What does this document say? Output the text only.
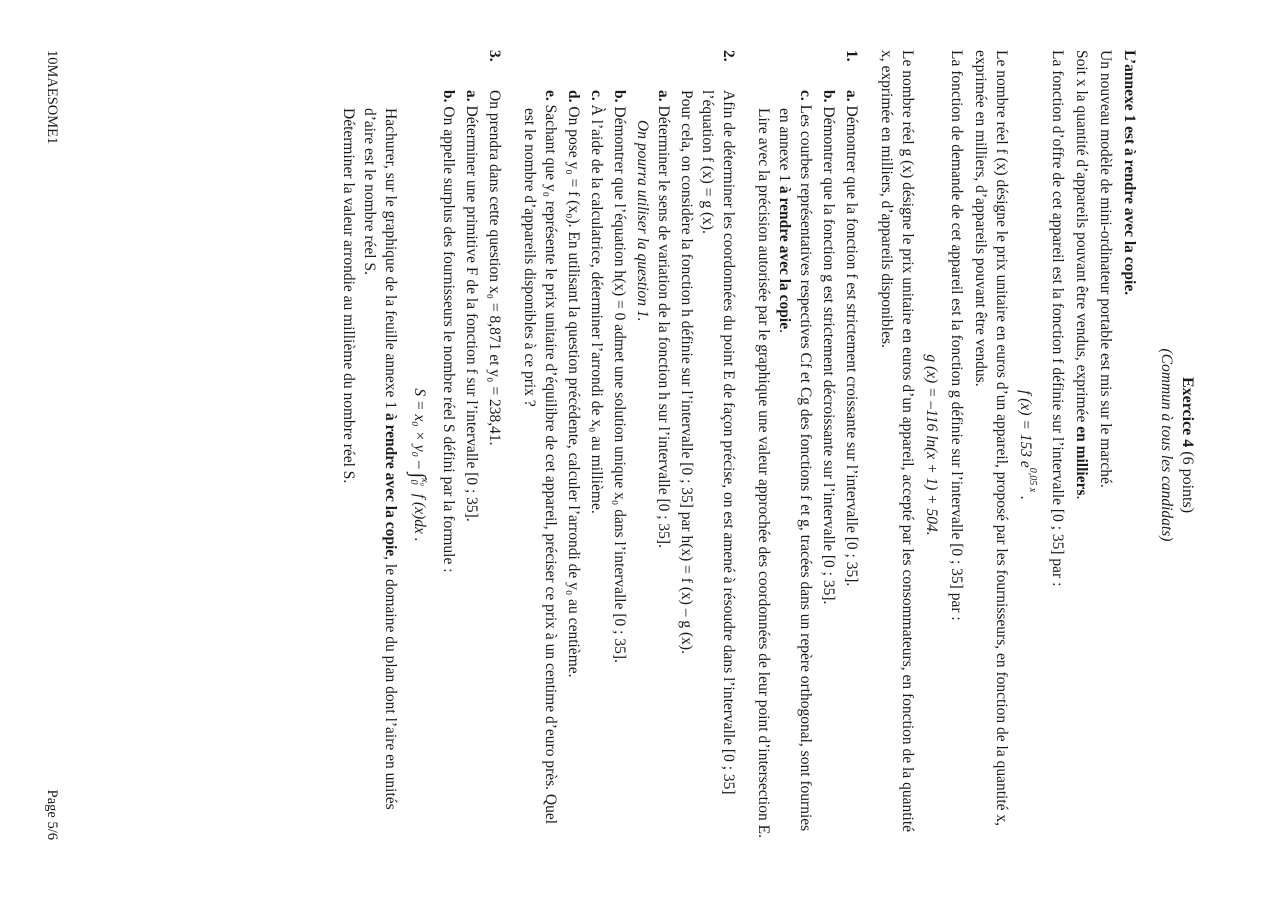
Exercice 4 (6 points)
(Commun à tous les candidats)

L’annexe 1 est à rendre avec la copie.

Un nouveau modèle de mini-ordinateur portable est mis sur le marché.

Soit x la quantité d’appareils pouvant être vendus, exprimée en milliers.

La fonction d’offre de cet appareil est la fonction f définie sur l’intervalle [0 ; 35] par :

f (x) = 153 $e^{0,05 x}$ .

Le nombre réel f (x) désigne le prix unitaire en euros d’un appareil, proposé par les fournisseurs, en fonction de la quantité x, exprimée en milliers, d’appareils pouvant être vendus.

La fonction de demande de cet appareil est la fonction g définie sur l’intervalle [0 ; 35] par :

g (x) = –116 ln(x + 1) + 504.

Le nombre réel g (x) désigne le prix unitaire en euros d’un appareil, accepté par les consommateurs, en fonction de la quantité x, exprimée en milliers, d’appareils disponibles.

1.

a. Démontrer que la fonction f est strictement croissante sur l’intervalle [0 ; 35].

b. Démontrer que la fonction g est strictement décroissante sur l’intervalle [0 ; 35].

c. Les courbes représentatives respectives Cf et Cg des fonctions f et g, tracées dans un repère orthogonal, sont fournies en annexe 1 à rendre avec la copie.

Lire avec la précision autorisée par le graphique une valeur approchée des coordonnées de leur point d’intersection E.

2.

Afin de déterminer les coordonnées du point E de façon précise, on est amené à résoudre dans l’intervalle [0 ; 35] l’équation f (x) = g (x).

Pour cela, on considère la fonction h définie sur l’intervalle [0 ; 35] par h(x) = f (x) – g (x).

a. Déterminer le sens de variation de la fonction h sur l’intervalle [0 ; 35].

On pourra utiliser la question 1.

b. Démontrer que l’équation h(x) = 0 admet une solution unique x₀ dans l’intervalle [0 ; 35].

c. À l’aide de la calculatrice, déterminer l’arrondi de x₀ au millième.

d. On pose y₀ = f (x₀). En utilisant la question précédente, calculer l’arrondi de y₀ au centième.

e. Sachant que y₀ représente le prix unitaire d’équilibre de cet appareil, préciser ce prix à un centime d’euro près. Quel est le nombre d’appareils disponibles à ce prix ?

3.

On prendra dans cette question x₀ = 8,871 et y₀ = 238,41.

a. Déterminer une primitive F de la fonction f sur l’intervalle [0 ; 35].

b. On appelle surplus des fournisseurs le nombre réel S défini par la formule :

S = x₀ × y₀ – ∫
x₀
0
f (x)dx .

Hachurer, sur le graphique de la feuille annexe 1 à rendre avec la copie, le domaine du plan dont l’aire en unités d’aire est le nombre réel S.

Déterminer la valeur arrondie au millième du nombre réel S.

10MAESOME1
Page 5/6
